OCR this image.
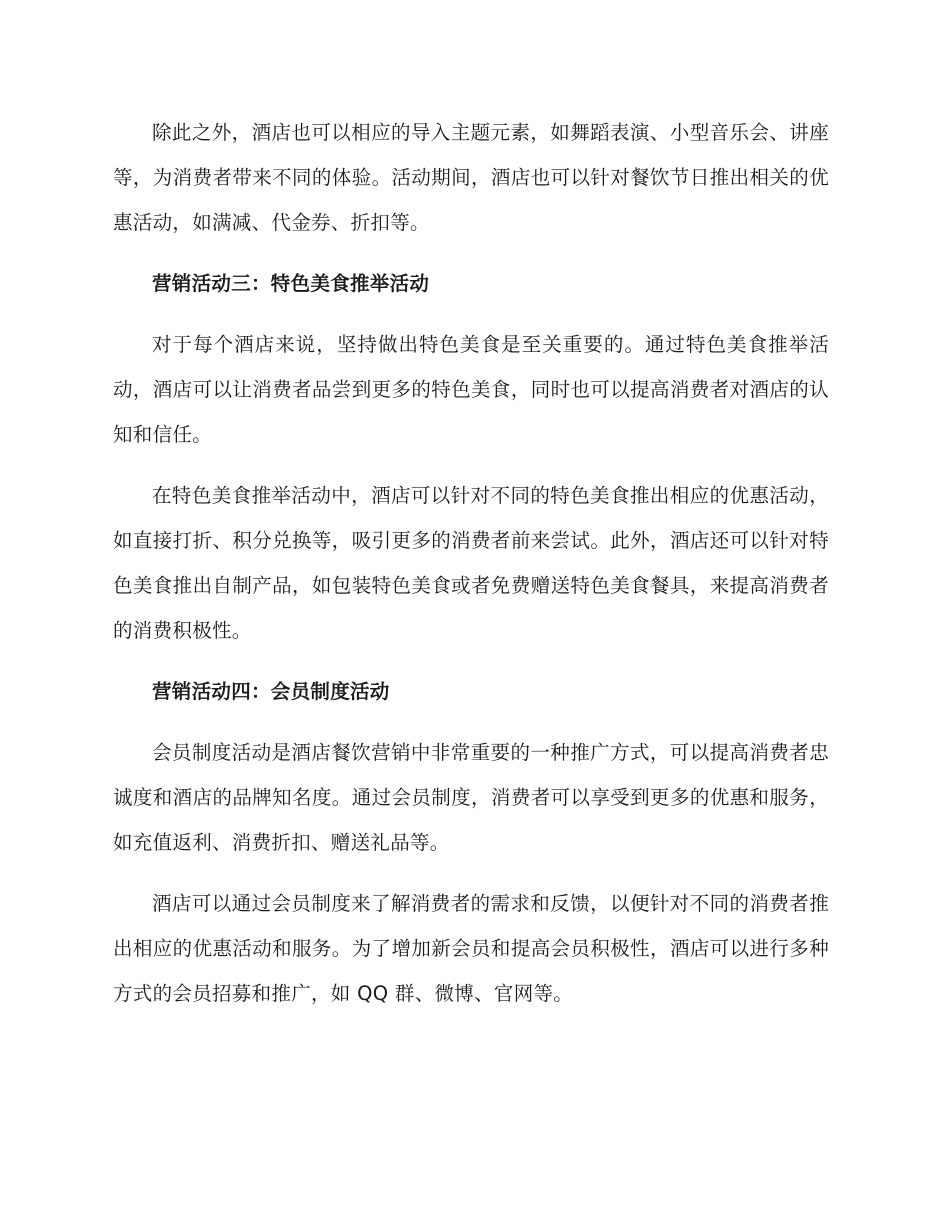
除此之外，酒店也可以相应的导入主题元素，如舞蹈表演、小型音乐会、讲座等，为消费者带来不同的体验。活动期间，酒店也可以针对餐饮节日推出相关的优惠活动，如满减、代金券、折扣等。

营销活动三：特色美食推举活动

对于每个酒店来说，坚持做出特色美食是至关重要的。通过特色美食推举活动，酒店可以让消费者品尝到更多的特色美食，同时也可以提高消费者对酒店的认知和信任。

在特色美食推举活动中，酒店可以针对不同的特色美食推出相应的优惠活动，如直接打折、积分兑换等，吸引更多的消费者前来尝试。此外，酒店还可以针对特色美食推出自制产品，如包装特色美食或者免费赠送特色美食餐具，来提高消费者的消费积极性。

营销活动四：会员制度活动

会员制度活动是酒店餐饮营销中非常重要的一种推广方式，可以提高消费者忠诚度和酒店的品牌知名度。通过会员制度，消费者可以享受到更多的优惠和服务，如充值返利、消费折扣、赠送礼品等。

酒店可以通过会员制度来了解消费者的需求和反馈，以便针对不同的消费者推出相应的优惠活动和服务。为了增加新会员和提高会员积极性，酒店可以进行多种方式的会员招募和推广，如 QQ 群、微博、官网等。
